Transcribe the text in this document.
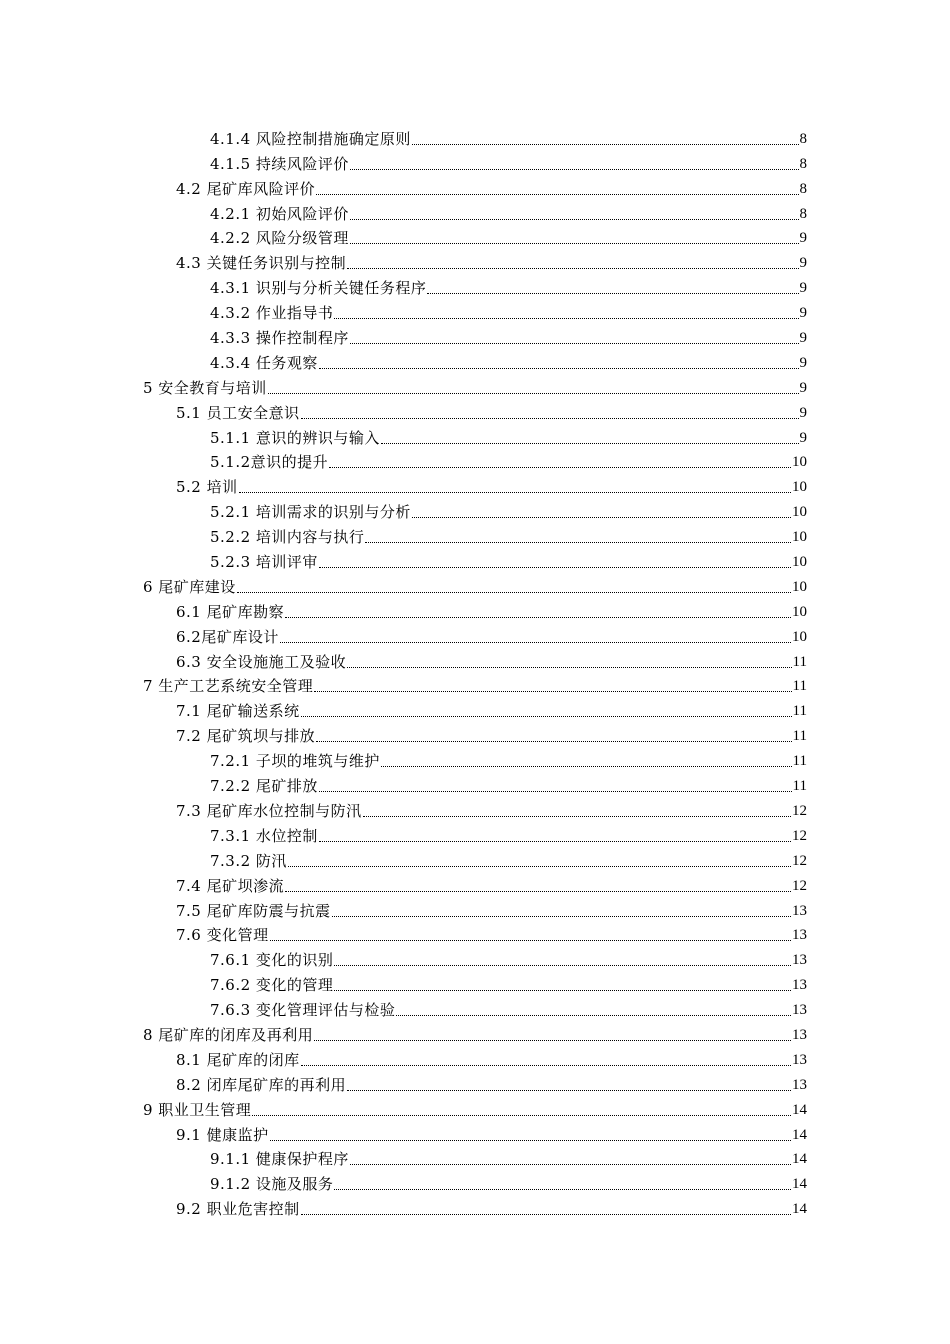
4.1.4 风险控制措施确定原则	8
4.1.5 持续风险评价	8
4.2 尾矿库风险评价	8
4.2.1 初始风险评价	8
4.2.2 风险分级管理	9
4.3 关键任务识别与控制	9
4.3.1 识别与分析关键任务程序	9
4.3.2 作业指导书	9
4.3.3 操作控制程序	9
4.3.4 任务观察	9
5 安全教育与培训	9
5.1 员工安全意识	9
5.1.1 意识的辨识与输入	9
5.1.2意识的提升	10
5.2 培训	10
5.2.1 培训需求的识别与分析	10
5.2.2 培训内容与执行	10
5.2.3 培训评审	10
6 尾矿库建设	10
6.1 尾矿库勘察	10
6.2尾矿库设计	10
6.3 安全设施施工及验收	11
7 生产工艺系统安全管理	11
7.1 尾矿输送系统	11
7.2 尾矿筑坝与排放	11
7.2.1 子坝的堆筑与维护	11
7.2.2 尾矿排放	11
7.3 尾矿库水位控制与防汛	12
7.3.1 水位控制	12
7.3.2 防汛	12
7.4 尾矿坝渗流	12
7.5 尾矿库防震与抗震	13
7.6 变化管理	13
7.6.1 变化的识别	13
7.6.2 变化的管理	13
7.6.3 变化管理评估与检验	13
8 尾矿库的闭库及再利用	13
8.1 尾矿库的闭库	13
8.2 闭库尾矿库的再利用	13
9 职业卫生管理	14
9.1 健康监护	14
9.1.1 健康保护程序	14
9.1.2 设施及服务	14
9.2 职业危害控制	14
